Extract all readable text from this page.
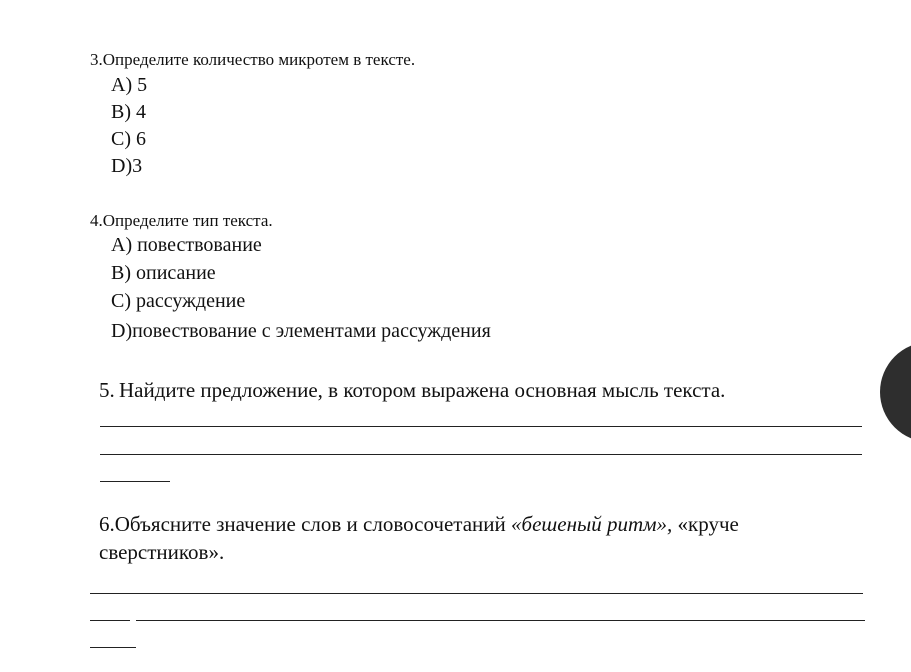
3.Определите количество микротем в тексте.
A) 5
B) 4
C) 6
D)3
4.Определите тип текста.
A) повествование
B) описание
C) рассуждение
D)повествование с элементами рассуждения
5. Найдите предложение, в котором выражена основная мысль текста.
6.Объясните значение слов и словосочетаний «бешеный ритм», «круче
сверстников».
